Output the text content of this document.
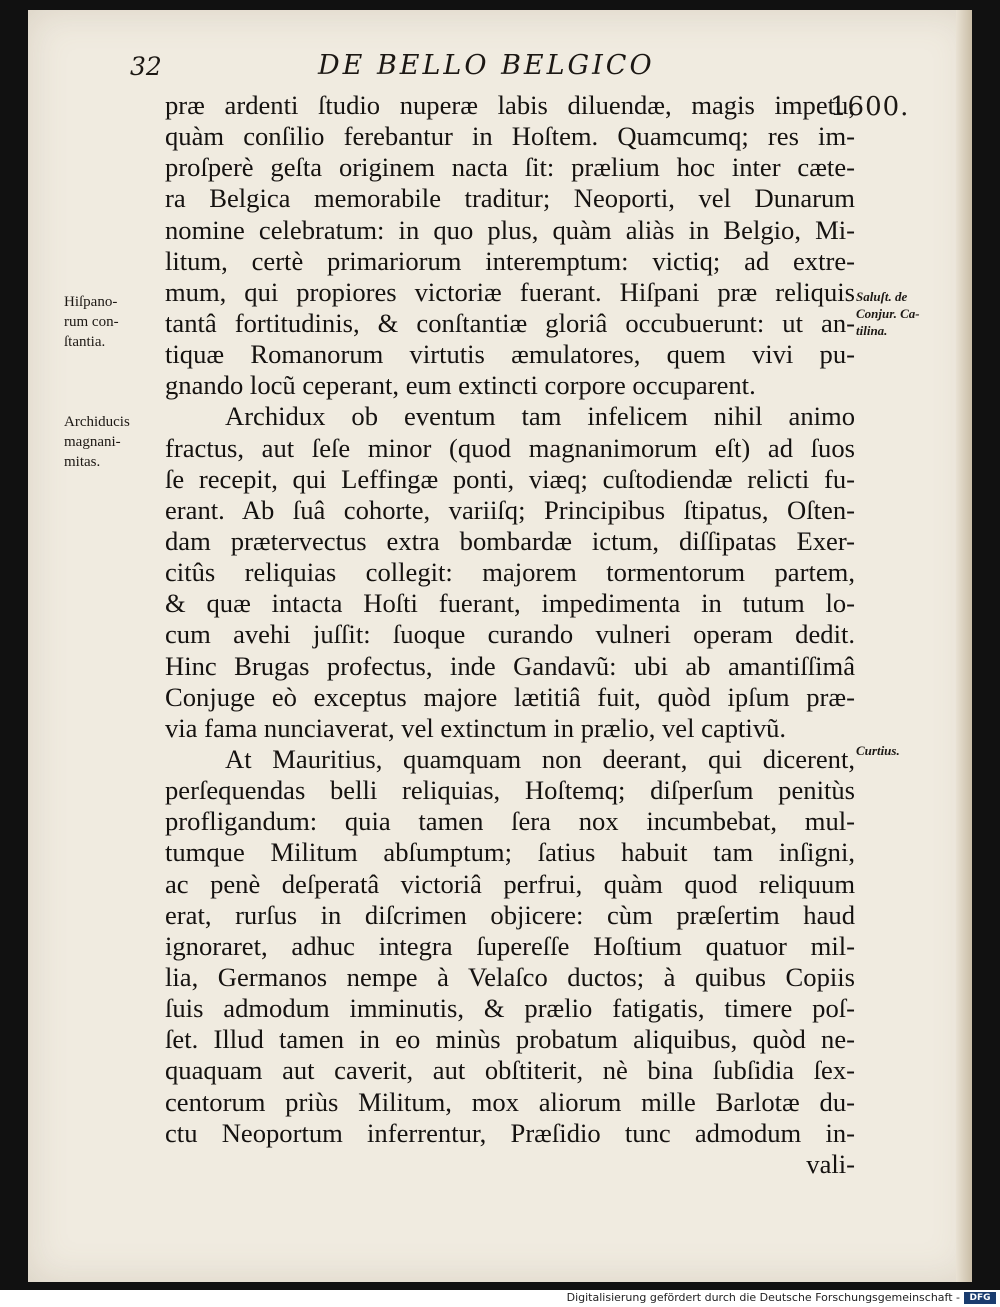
32	DE BELLO BELGICO
1600.
præ ardenti ſtudio nuperæ labis diluendæ, magis impetu,
quàm conſilio ferebantur in Hoſtem. Quamcumq; res im-
proſperè geſta originem nacta ſit: prælium hoc inter cæte-
ra Belgica memorabile traditur; Neoporti, vel Dunarum
nomine celebratum: in quo plus, quàm aliàs in Belgio, Mi-
litum, certè primariorum interemptum: victiq; ad extre-
mum, qui propiores victoriæ fuerant. Hiſpani præ reliquis
tantâ fortitudinis, & conſtantiæ gloriâ occubuerunt: ut an-
tiquæ Romanorum virtutis æmulatores, quem vivi pu-
gnando locũ ceperant, eum extincti corpore occuparent.
Archidux ob eventum tam infelicem nihil animo
fractus, aut ſeſe minor (quod magnanimorum eſt) ad ſuos
ſe recepit, qui Leffingæ ponti, viæq; cuſtodiendæ relicti fu-
erant. Ab ſuâ cohorte, variiſq; Principibus ſtipatus, Oſten-
dam prætervectus extra bombardæ ictum, diſſipatas Exer-
citûs reliquias collegit: majorem tormentorum partem,
& quæ intacta Hoſti fuerant, impedimenta in tutum lo-
cum avehi juſſit: ſuoque curando vulneri operam dedit.
Hinc Brugas profectus, inde Gandavũ: ubi ab amantiſſimâ
Conjuge eò exceptus majore lætitiâ fuit, quòd ipſum præ-
via fama nunciaverat, vel extinctum in prælio, vel captivũ.
At Mauritius, quamquam non deerant, qui dicerent,
perſequendas belli reliquias, Hoſtemq; diſperſum penitùs
profligandum: quia tamen ſera nox incumbebat, mul-
tumque Militum abſumptum; ſatius habuit tam inſigni,
ac penè deſperatâ victoriâ perfrui, quàm quod reliquum
erat, rurſus in diſcrimen objicere: cùm præſertim haud
ignoraret, adhuc integra ſupereſſe Hoſtium quatuor mil-
lia, Germanos nempe à Velaſco ductos; à quibus Copiis
ſuis admodum imminutis, & prælio fatigatis, timere poſ-
ſet. Illud tamen in eo minùs probatum aliquibus, quòd ne-
quaquam aut caverit, aut obſtiterit, nè bina ſubſidia ſex-
centorum priùs Militum, mox aliorum mille Barlotæ du-
ctu Neoportum inferrentur, Præſidio tunc admodum in-
vali-
Hiſpano-
rum con-
ſtantia.
Archiducis
magnani-
mitas.
Saluſt. de
Conjur. Ca-
tilina.
Curtius.
Digitalisierung gefördert durch die Deutsche Forschungsgemeinschaft -	DFG
